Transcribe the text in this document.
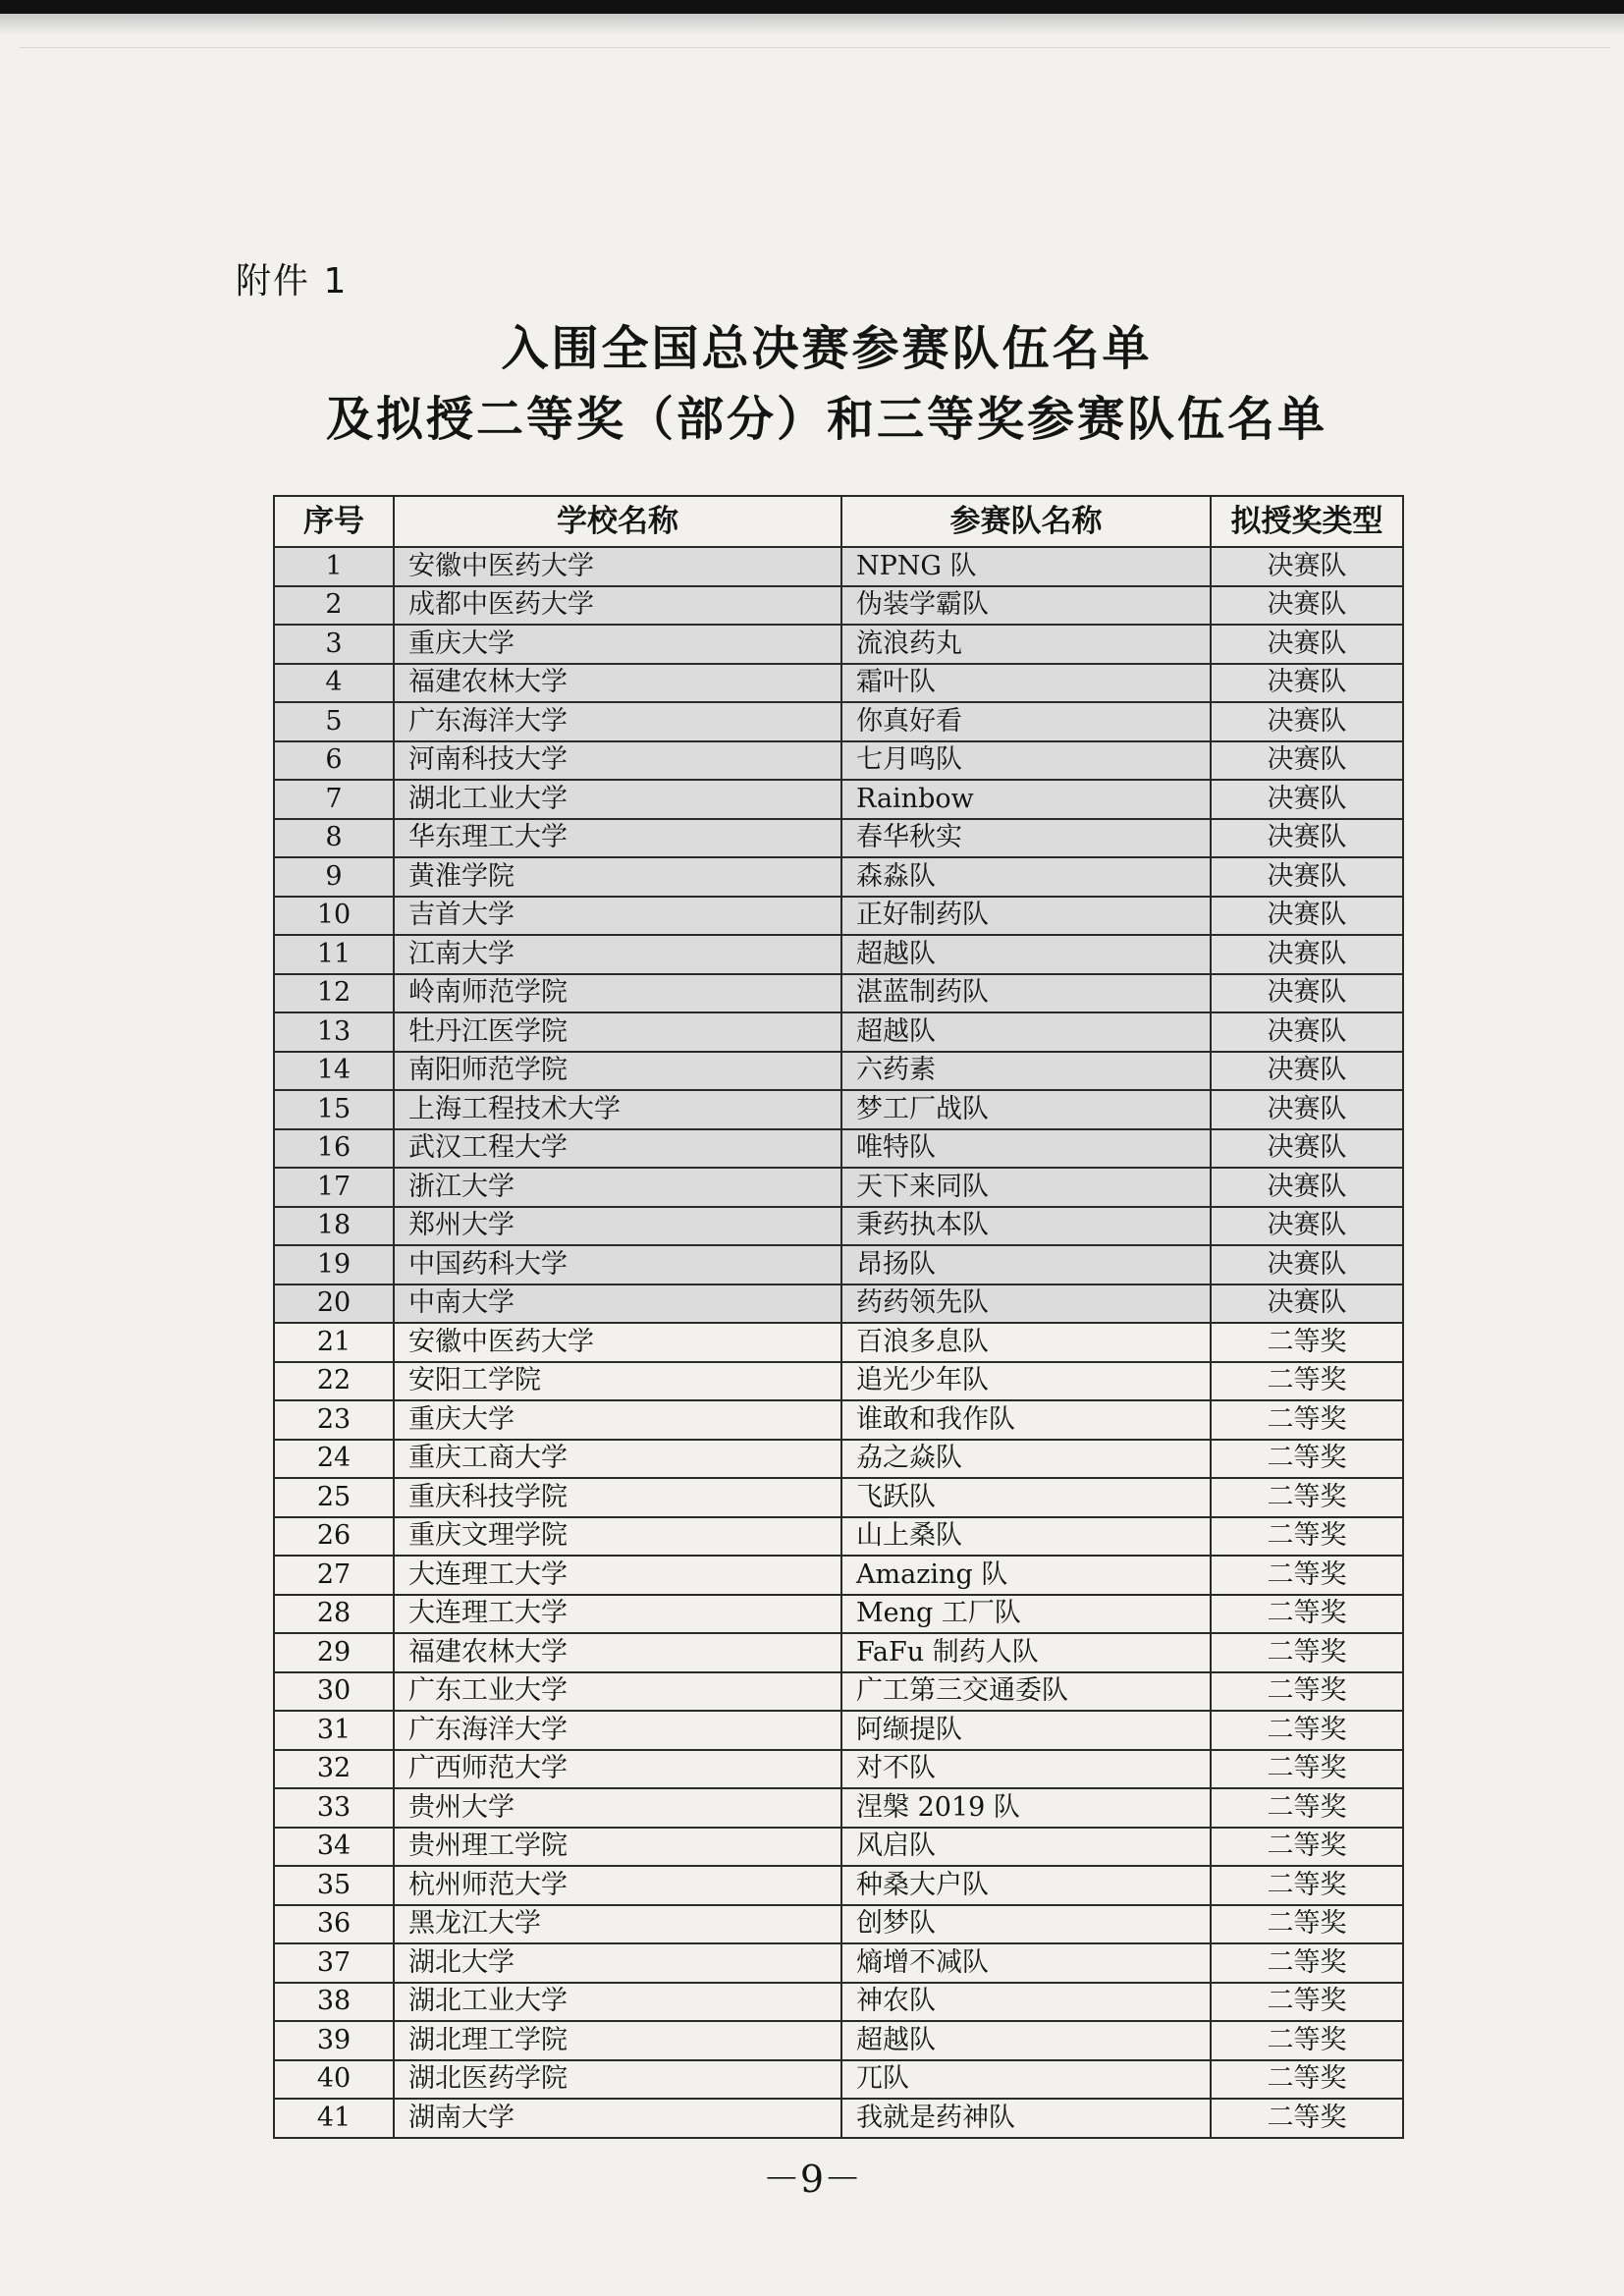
附件 1
入围全国总决赛参赛队伍名单
及拟授二等奖（部分）和三等奖参赛队伍名单
序号	学校名称	参赛队名称	拟授奖类型
1	安徽中医药大学	NPNG 队	决赛队
2	成都中医药大学	伪装学霸队	决赛队
3	重庆大学	流浪药丸	决赛队
4	福建农林大学	霜叶队	决赛队
5	广东海洋大学	你真好看	决赛队
6	河南科技大学	七月鸣队	决赛队
7	湖北工业大学	Rainbow	决赛队
8	华东理工大学	春华秋实	决赛队
9	黄淮学院	森淼队	决赛队
10	吉首大学	正好制药队	决赛队
11	江南大学	超越队	决赛队
12	岭南师范学院	湛蓝制药队	决赛队
13	牡丹江医学院	超越队	决赛队
14	南阳师范学院	六药素	决赛队
15	上海工程技术大学	梦工厂战队	决赛队
16	武汉工程大学	唯特队	决赛队
17	浙江大学	天下来同队	决赛队
18	郑州大学	秉药执本队	决赛队
19	中国药科大学	昂扬队	决赛队
20	中南大学	药药领先队	决赛队
21	安徽中医药大学	百浪多息队	二等奖
22	安阳工学院	追光少年队	二等奖
23	重庆大学	谁敢和我作队	二等奖
24	重庆工商大学	劦之焱队	二等奖
25	重庆科技学院	飞跃队	二等奖
26	重庆文理学院	山上桑队	二等奖
27	大连理工大学	Amazing 队	二等奖
28	大连理工大学	Meng 工厂队	二等奖
29	福建农林大学	FaFu 制药人队	二等奖
30	广东工业大学	广工第三交通委队	二等奖
31	广东海洋大学	阿缬提队	二等奖
32	广西师范大学	对不队	二等奖
33	贵州大学	涅槃 2019 队	二等奖
34	贵州理工学院	风启队	二等奖
35	杭州师范大学	种桑大户队	二等奖
36	黑龙江大学	创梦队	二等奖
37	湖北大学	熵增不减队	二等奖
38	湖北工业大学	神农队	二等奖
39	湖北理工学院	超越队	二等奖
40	湖北医药学院	兀队	二等奖
41	湖南大学	我就是药神队	二等奖
－9－
